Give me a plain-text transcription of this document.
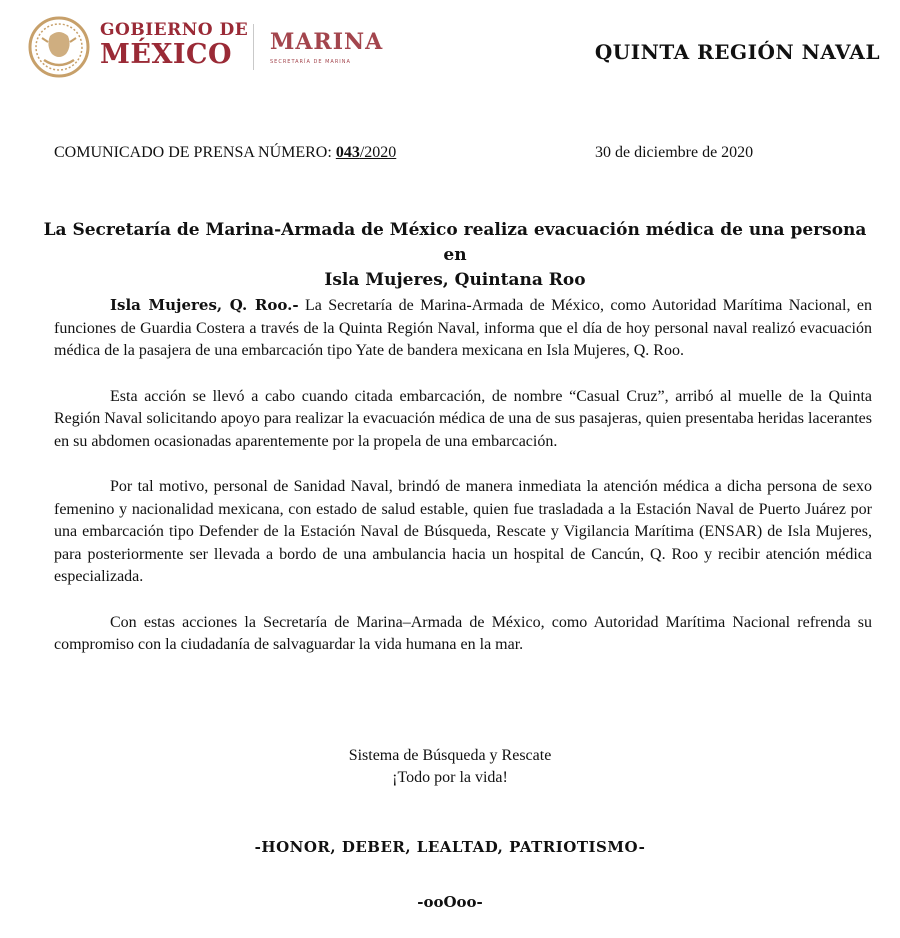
GOBIERNO DE
MÉXICO	MARINA
SECRETARÍA DE MARINA	QUINTA REGIÓN NAVAL
COMUNICADO DE PRENSA NÚMERO: 043/2020	30 de diciembre de 2020
La Secretaría de Marina-Armada de México realiza evacuación médica de una persona en
Isla Mujeres, Quintana Roo

Isla Mujeres, Q. Roo.- La Secretaría de Marina-Armada de México, como Autoridad Marítima Nacional, en funciones de Guardia Costera a través de la Quinta Región Naval, informa que el día de hoy personal naval realizó evacuación médica de la pasajera de una embarcación tipo Yate de bandera mexicana en Isla Mujeres, Q. Roo.

Esta acción se llevó a cabo cuando citada embarcación, de nombre “Casual Cruz”, arribó al muelle de la Quinta Región Naval solicitando apoyo para realizar la evacuación médica de una de sus pasajeras, quien presentaba heridas lacerantes en su abdomen ocasionadas aparentemente por la propela de una embarcación.

Por tal motivo, personal de Sanidad Naval, brindó de manera inmediata la atención médica a dicha persona de sexo femenino y nacionalidad mexicana, con estado de salud estable, quien fue trasladada a la Estación Naval de Puerto Juárez por una embarcación tipo Defender de la Estación Naval de Búsqueda, Rescate y Vigilancia Marítima (ENSAR) de Isla Mujeres, para posteriormente ser llevada a bordo de una ambulancia hacia un hospital de Cancún, Q. Roo y recibir atención médica especializada.

Con estas acciones la Secretaría de Marina–Armada de México, como Autoridad Marítima Nacional refrenda su compromiso con la ciudadanía de salvaguardar la vida humana en la mar.

Sistema de Búsqueda y Rescate
¡Todo por la vida!
-HONOR, DEBER, LEALTAD, PATRIOTISMO-
-ooOoo-
